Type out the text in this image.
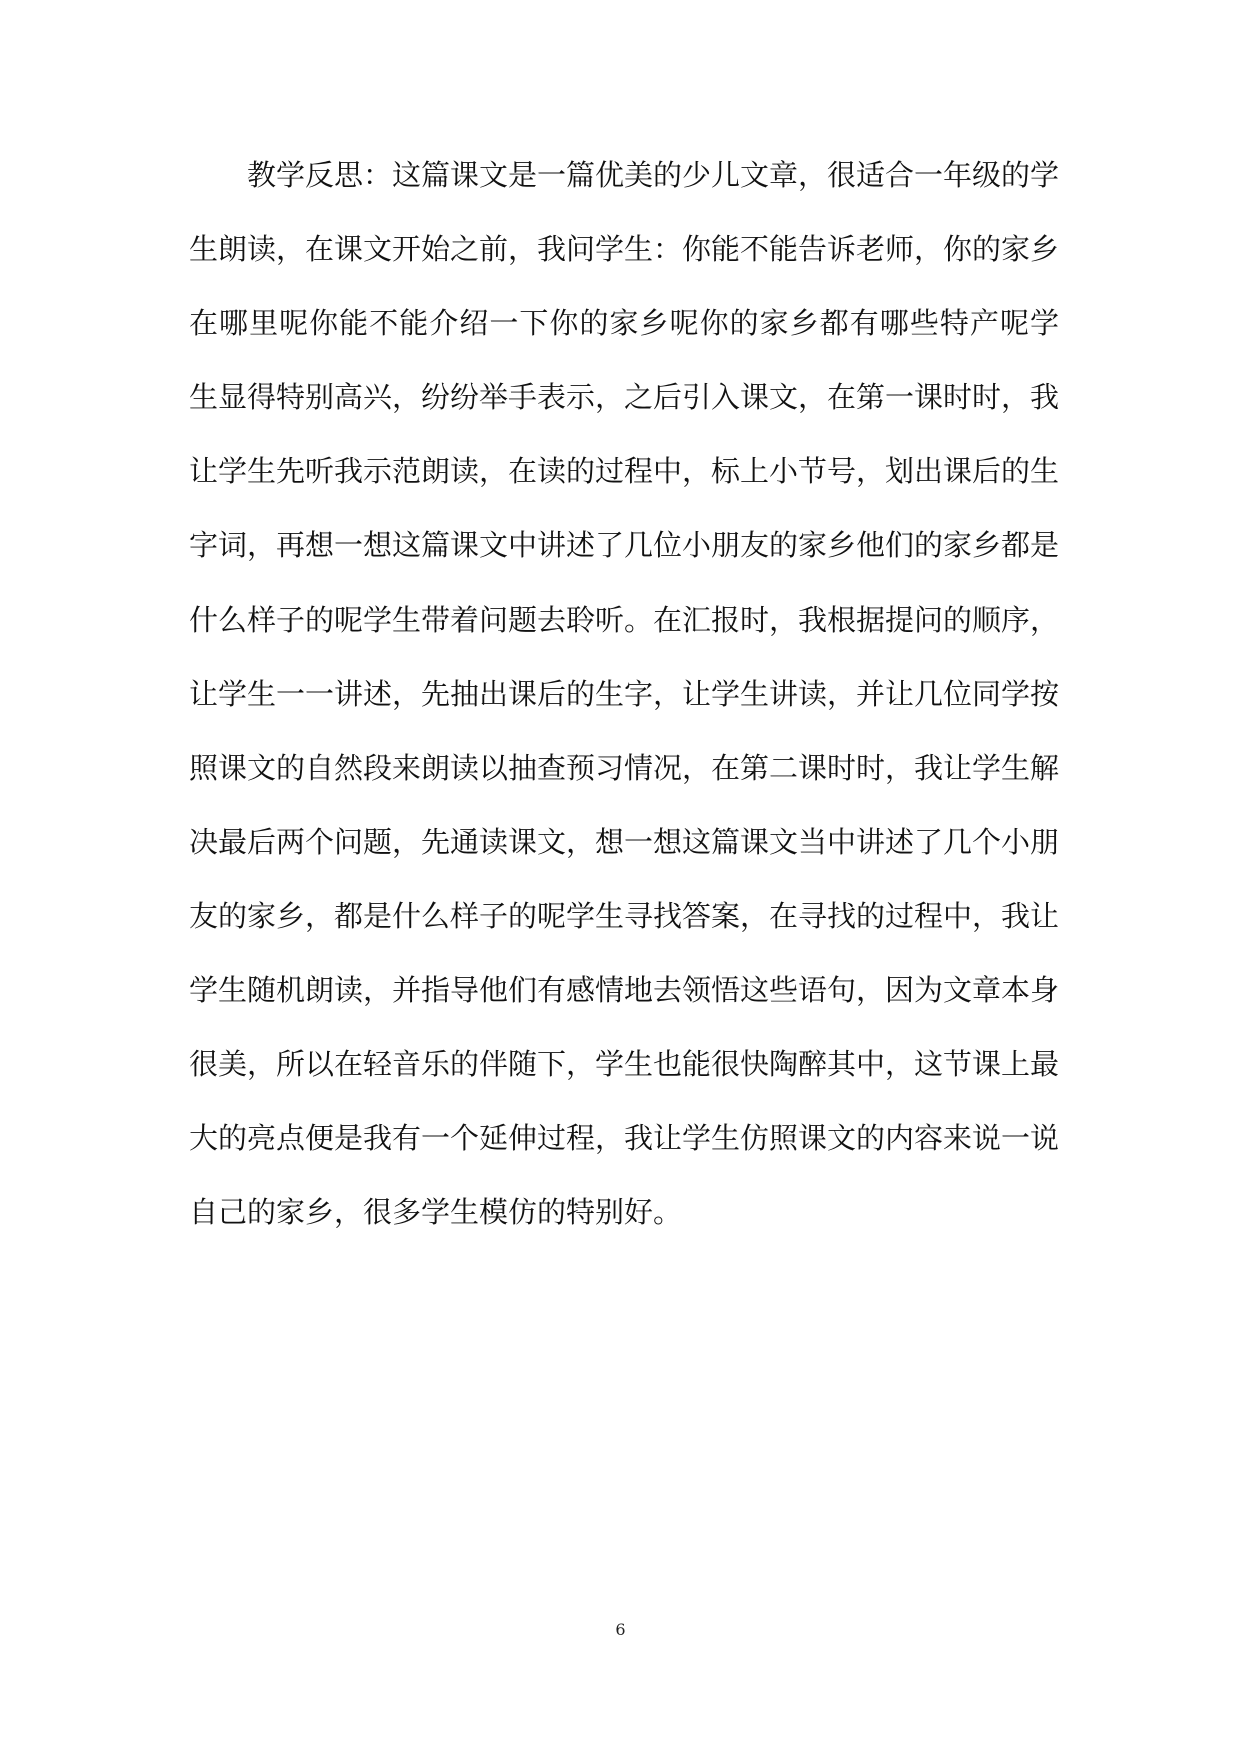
教学反思：这篇课文是一篇优美的少儿文章，很适合一年级的学
生朗读，在课文开始之前，我问学生：你能不能告诉老师，你的家乡
在哪里呢你能不能介绍一下你的家乡呢你的家乡都有哪些特产呢学
生显得特别高兴，纷纷举手表示，之后引入课文，在第一课时时，我
让学生先听我示范朗读，在读的过程中，标上小节号，划出课后的生
字词，再想一想这篇课文中讲述了几位小朋友的家乡他们的家乡都是
什么样子的呢学生带着问题去聆听。在汇报时，我根据提问的顺序，
让学生一一讲述，先抽出课后的生字，让学生讲读，并让几位同学按
照课文的自然段来朗读以抽查预习情况，在第二课时时，我让学生解
决最后两个问题，先通读课文，想一想这篇课文当中讲述了几个小朋
友的家乡，都是什么样子的呢学生寻找答案，在寻找的过程中，我让
学生随机朗读，并指导他们有感情地去领悟这些语句，因为文章本身
很美，所以在轻音乐的伴随下，学生也能很快陶醉其中，这节课上最
大的亮点便是我有一个延伸过程，我让学生仿照课文的内容来说一说
自己的家乡，很多学生模仿的特别好。
6
